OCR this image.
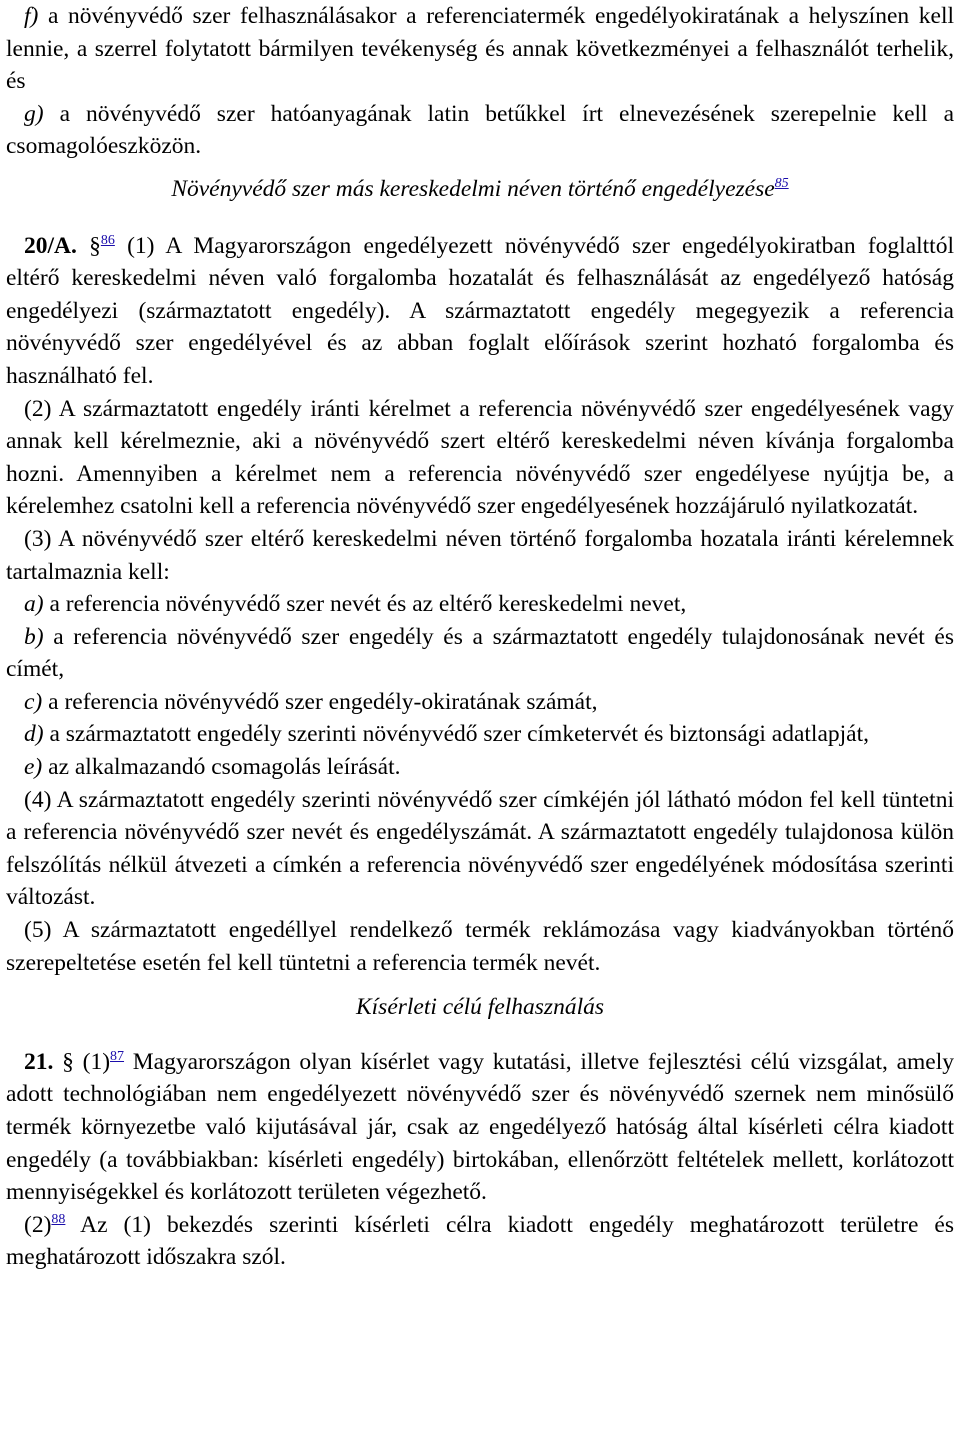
f) a növényvédő szer felhasználásakor a referenciatermék engedélyokiratának a helyszínen kell lennie, a szerrel folytatott bármilyen tevékenység és annak következményei a felhasználót terhelik, és

g) a növényvédő szer hatóanyagának latin betűkkel írt elnevezésének szerepelnie kell a csomagolóeszközön.

Növényvédő szer más kereskedelmi néven történő engedélyezése$^{85}$

20/A. §$^{86}$ (1) A Magyarországon engedélyezett növényvédő szer engedélyokiratban foglalttól eltérő kereskedelmi néven való forgalomba hozatalát és felhasználását az engedélyező hatóság engedélyezi (származtatott engedély). A származtatott engedély megegyezik a referencia növényvédő szer engedélyével és az abban foglalt előírások szerint hozható forgalomba és használható fel.

(2) A származtatott engedély iránti kérelmet a referencia növényvédő szer engedélyesének vagy annak kell kérelmeznie, aki a növényvédő szert eltérő kereskedelmi néven kívánja forgalomba hozni. Amennyiben a kérelmet nem a referencia növényvédő szer engedélyese nyújtja be, a kérelemhez csatolni kell a referencia növényvédő szer engedélyesének hozzájáruló nyilatkozatát.

(3) A növényvédő szer eltérő kereskedelmi néven történő forgalomba hozatala iránti kérelemnek tartalmaznia kell:

a) a referencia növényvédő szer nevét és az eltérő kereskedelmi nevet,

b) a referencia növényvédő szer engedély és a származtatott engedély tulajdonosának nevét és címét,

c) a referencia növényvédő szer engedély-okiratának számát,

d) a származtatott engedély szerinti növényvédő szer címketervét és biztonsági adatlapját,

e) az alkalmazandó csomagolás leírását.

(4) A származtatott engedély szerinti növényvédő szer címkéjén jól látható módon fel kell tüntetni a referencia növényvédő szer nevét és engedélyszámát. A származtatott engedély tulajdonosa külön felszólítás nélkül átvezeti a címkén a referencia növényvédő szer engedélyének módosítása szerinti változást.

(5) A származtatott engedéllyel rendelkező termék reklámozása vagy kiadványokban történő szerepeltetése esetén fel kell tüntetni a referencia termék nevét.

Kísérleti célú felhasználás

21. § (1)$^{87}$ Magyarországon olyan kísérlet vagy kutatási, illetve fejlesztési célú vizsgálat, amely adott technológiában nem engedélyezett növényvédő szer és növényvédő szernek nem minősülő termék környezetbe való kijutásával jár, csak az engedélyező hatóság által kísérleti célra kiadott engedély (a továbbiakban: kísérleti engedély) birtokában, ellenőrzött feltételek mellett, korlátozott mennyiségekkel és korlátozott területen végezhető.

(2)$^{88}$ Az (1) bekezdés szerinti kísérleti célra kiadott engedély meghatározott területre és meghatározott időszakra szól.
